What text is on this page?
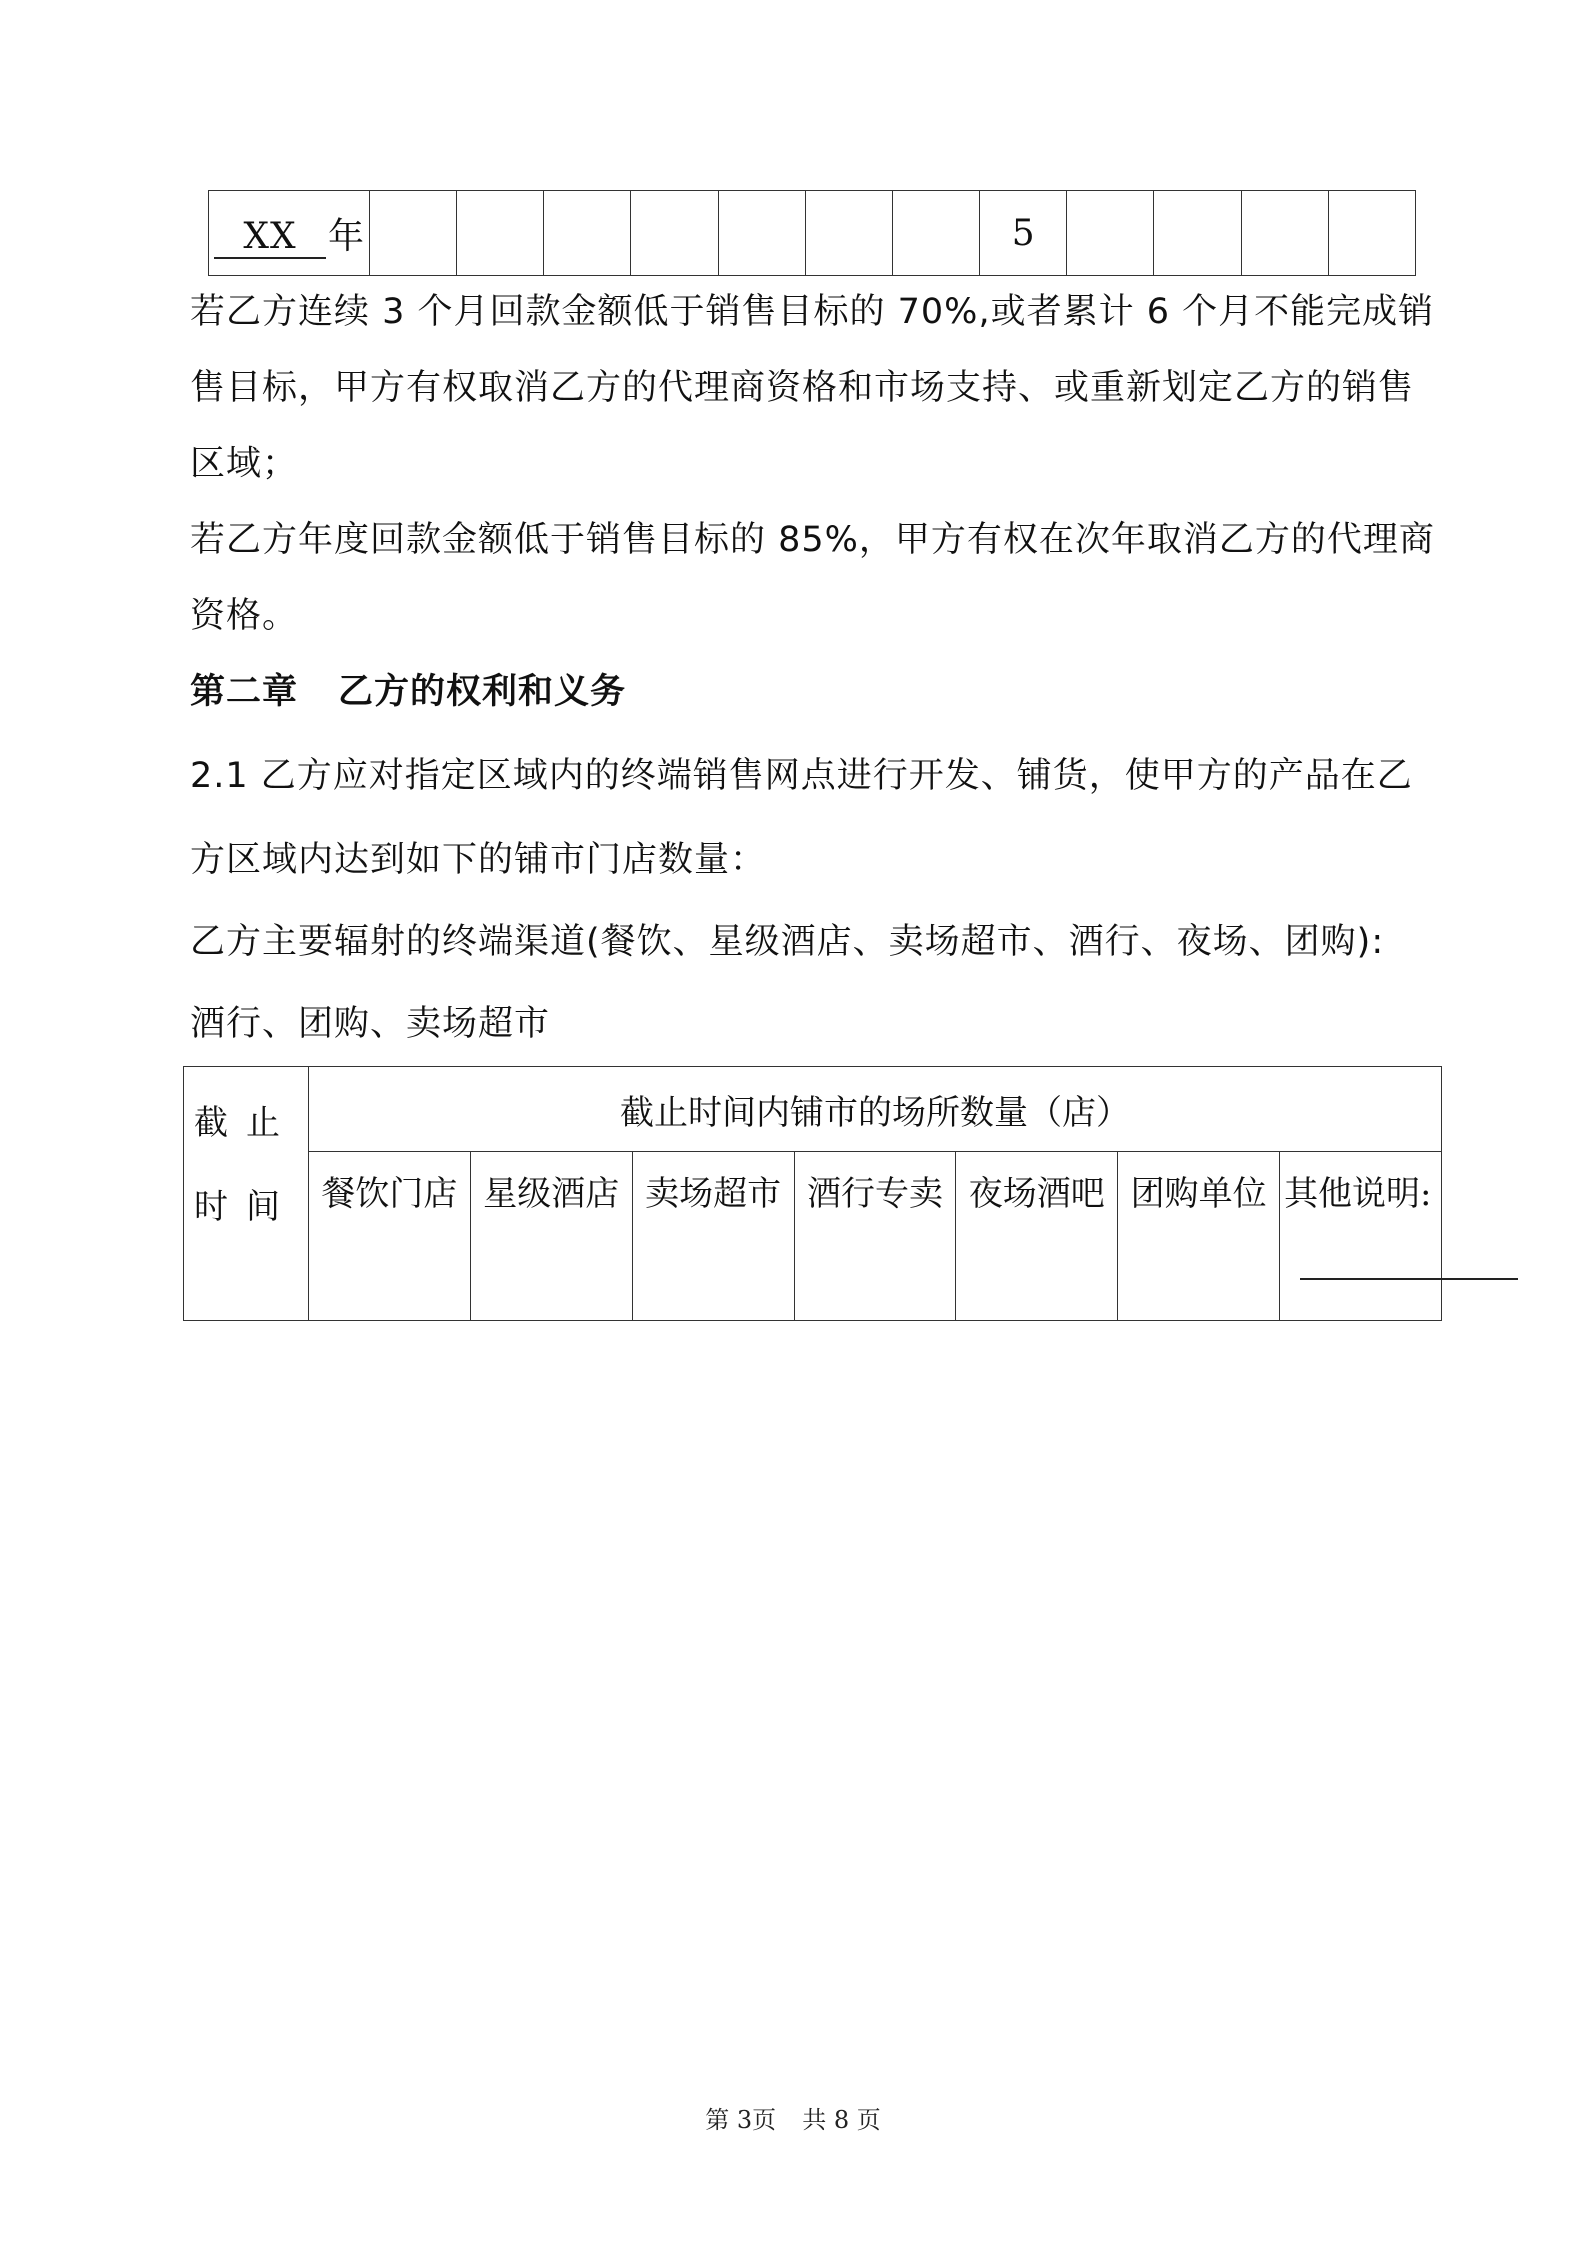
XX 年								5				

若乙方连续 3 个月回款金额低于销售目标的 70%,或者累计 6 个月不能完成销售目标，甲方有权取消乙方的代理商资格和市场支持、或重新划定乙方的销售区域；

若乙方年度回款金额低于销售目标的 85%，甲方有权在次年取消乙方的代理商资格。

第二章 乙方的权利和义务

2.1 乙方应对指定区域内的终端销售网点进行开发、铺货，使甲方的产品在乙方区域内达到如下的铺市门店数量：

乙方主要辐射的终端渠道(餐饮、星级酒店、卖场超市、酒行、夜场、团购):

酒行、团购、卖场超市

截止时间	截止时间内铺市的场所数量（店）						
	餐饮门店	星级酒店	卖场超市	酒行专卖	夜场酒吧	团购单位	其他说明:
第 3页 共 8 页
